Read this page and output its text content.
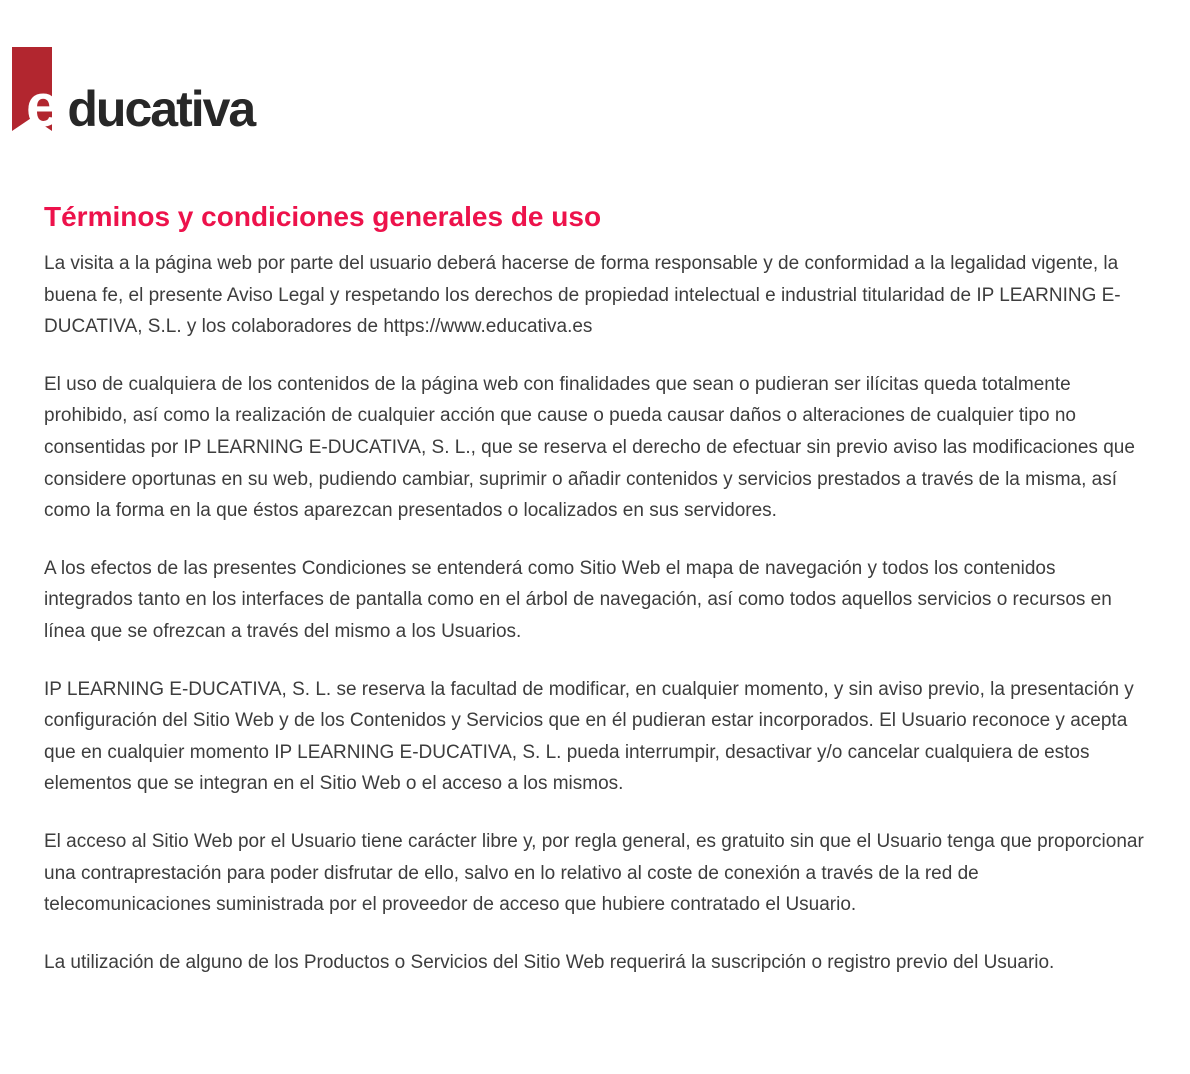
e ducativa
Términos y condiciones generales de uso

La visita a la página web por parte del usuario deberá hacerse de forma responsable y de conformidad a la legalidad vigente, la buena fe, el presente Aviso Legal y respetando los derechos de propiedad intelectual e industrial titularidad de IP LEARNING E-DUCATIVA, S.L. y los colaboradores de https://www.educativa.es

El uso de cualquiera de los contenidos de la página web con finalidades que sean o pudieran ser ilícitas queda totalmente prohibido, así como la realización de cualquier acción que cause o pueda causar daños o alteraciones de cualquier tipo no consentidas por IP LEARNING E-DUCATIVA, S. L., que se reserva el derecho de efectuar sin previo aviso las modificaciones que considere oportunas en su web, pudiendo cambiar, suprimir o añadir contenidos y servicios prestados a través de la misma, así como la forma en la que éstos aparezcan presentados o localizados en sus servidores.

A los efectos de las presentes Condiciones se entenderá como Sitio Web el mapa de navegación y todos los contenidos integrados tanto en los interfaces de pantalla como en el árbol de navegación, así como todos aquellos servicios o recursos en línea que se ofrezcan a través del mismo a los Usuarios.

IP LEARNING E-DUCATIVA, S. L. se reserva la facultad de modificar, en cualquier momento, y sin aviso previo, la presentación y configuración del Sitio Web y de los Contenidos y Servicios que en él pudieran estar incorporados. El Usuario reconoce y acepta que en cualquier momento IP LEARNING E-DUCATIVA, S. L. pueda interrumpir, desactivar y/o cancelar cualquiera de estos elementos que se integran en el Sitio Web o el acceso a los mismos.

El acceso al Sitio Web por el Usuario tiene carácter libre y, por regla general, es gratuito sin que el Usuario tenga que proporcionar una contraprestación para poder disfrutar de ello, salvo en lo relativo al coste de conexión a través de la red de telecomunicaciones suministrada por el proveedor de acceso que hubiere contratado el Usuario.

La utilización de alguno de los Productos o Servicios del Sitio Web requerirá la suscripción o registro previo del Usuario.
